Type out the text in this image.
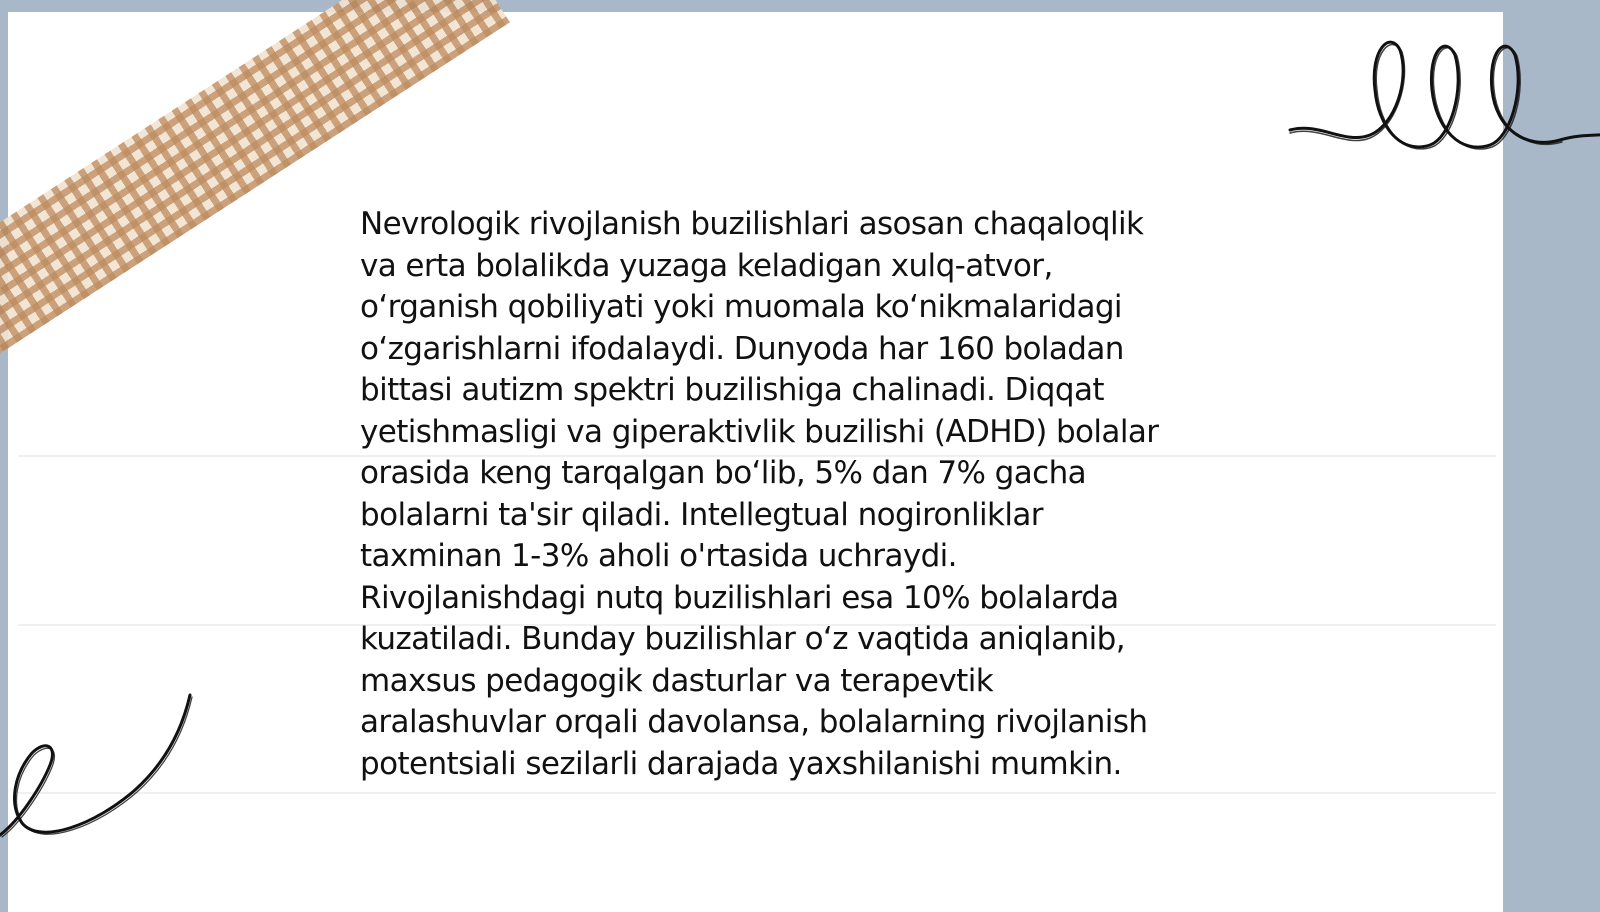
Nevrologik rivojlanish buzilishlari asosan chaqaloqlik
va erta bolalikda yuzaga keladigan xulq-atvor,
o‘rganish qobiliyati yoki muomala ko‘nikmalaridagi
o‘zgarishlarni ifodalaydi. Dunyoda har 160 boladan
bittasi autizm spektri buzilishiga chalinadi. Diqqat
yetishmasligi va giperaktivlik buzilishi (ADHD) bolalar
orasida keng tarqalgan bo‘lib, 5% dan 7% gacha
bolalarni ta'sir qiladi. Intellegtual nogironliklar
taxminan 1-3% aholi o'rtasida uchraydi.
Rivojlanishdagi nutq buzilishlari esa 10% bolalarda
kuzatiladi. Bunday buzilishlar o‘z vaqtida aniqlanib,
maxsus pedagogik dasturlar va terapevtik
aralashuvlar orqali davolansa, bolalarning rivojlanish
potentsiali sezilarli darajada yaxshilanishi mumkin.
